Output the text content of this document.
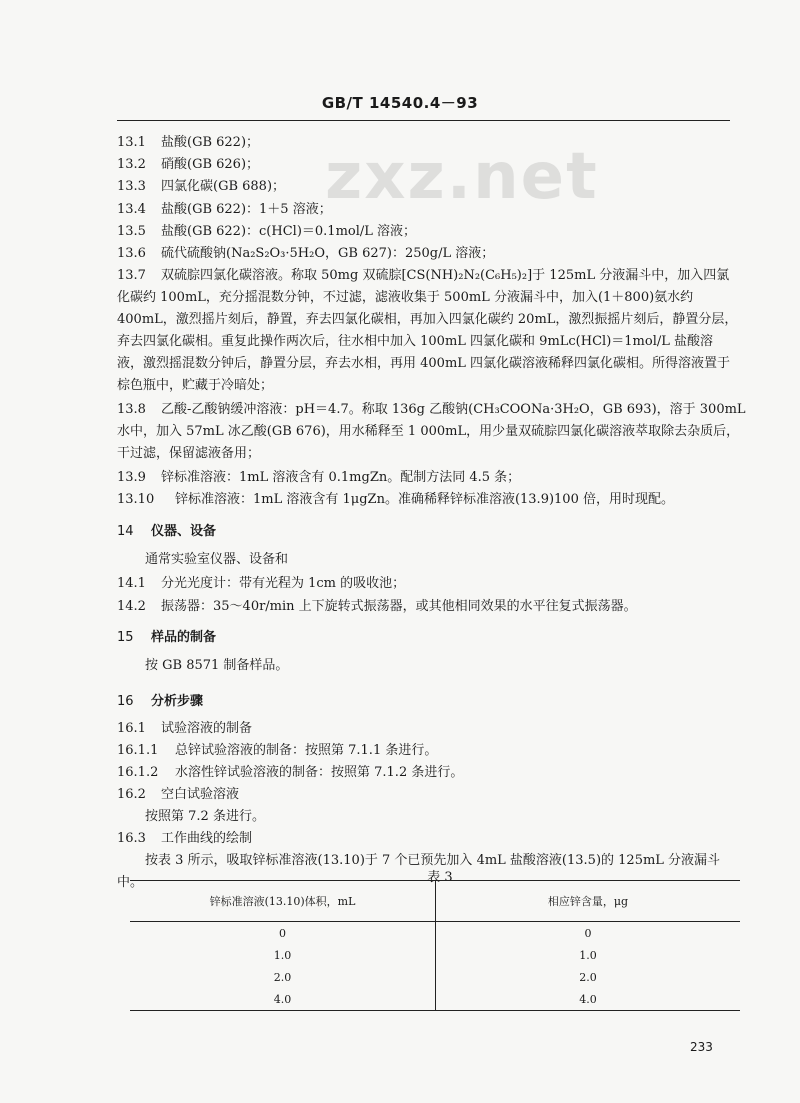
GB/T 14540.4－93
zxz.net
13.1 盐酸(GB 622)；
13.2 硝酸(GB 626)；
13.3 四氯化碳(GB 688)；
13.4 盐酸(GB 622)：1＋5 溶液；
13.5 盐酸(GB 622)：c(HCl)＝0.1mol/L 溶液；
13.6 硫代硫酸钠(Na₂S₂O₃·5H₂O，GB 627)：250g/L 溶液；
13.7 双硫腙四氯化碳溶液。称取 50mg 双硫腙[CS(NH)₂N₂(C₆H₅)₂]于 125mL 分液漏斗中，加入四氯
化碳约 100mL，充分摇混数分钟，不过滤，滤液收集于 500mL 分液漏斗中，加入(1＋800)氨水约
400mL，激烈摇片刻后，静置，弃去四氯化碳相，再加入四氯化碳约 20mL，激烈振摇片刻后，静置分层，
弃去四氯化碳相。重复此操作两次后，往水相中加入 100mL 四氯化碳和 9mLc(HCl)＝1mol/L 盐酸溶
液，激烈摇混数分钟后，静置分层，弃去水相，再用 400mL 四氯化碳溶液稀释四氯化碳相。所得溶液置于
棕色瓶中，贮藏于冷暗处；
13.8 乙酸-乙酸钠缓冲溶液：pH＝4.7。称取 136g 乙酸钠(CH₃COONa·3H₂O，GB 693)，溶于 300mL
水中，加入 57mL 冰乙酸(GB 676)，用水稀释至 1 000mL，用少量双硫腙四氯化碳溶液萃取除去杂质后，
干过滤，保留滤液备用；
13.9 锌标准溶液：1mL 溶液含有 0.1mgZn。配制方法同 4.5 条；
13.10 锌标准溶液：1mL 溶液含有 1μgZn。准确稀释锌标准溶液(13.9)100 倍，用时现配。
14 仪器、设备
通常实验室仪器、设备和
14.1 分光光度计：带有光程为 1cm 的吸收池；
14.2 振荡器：35～40r/min 上下旋转式振荡器，或其他相同效果的水平往复式振荡器。
15 样品的制备
按 GB 8571 制备样品。
16 分析步骤
16.1 试验溶液的制备
16.1.1 总锌试验溶液的制备：按照第 7.1.1 条进行。
16.1.2 水溶性锌试验溶液的制备：按照第 7.1.2 条进行。
16.2 空白试验溶液
按照第 7.2 条进行。
16.3 工作曲线的绘制
按表 3 所示，吸取锌标准溶液(13.10)于 7 个已预先加入 4mL 盐酸溶液(13.5)的 125mL 分液漏斗
中。	表 3
锌标准溶液(13.10)体积，mL	相应锌含量，μg
0	0
1.0	1.0
2.0	2.0
4.0	4.0
233
